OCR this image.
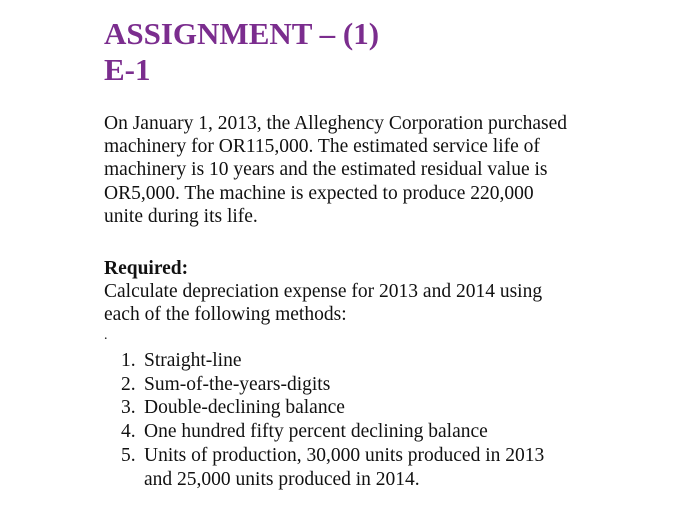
ASSIGNMENT – (1)
E-1
On January 1, 2013, the Alleghency Corporation purchased
machinery for OR115,000. The estimated service life of
machinery is 10 years and the estimated residual value is
OR5,000. The machine is expected to produce 220,000
unite during its life.
Required:
Calculate depreciation expense for 2013 and 2014 using
each of the following methods:
.
1. Straight-line
2. Sum-of-the-years-digits
3. Double-declining balance
4. One hundred fifty percent declining balance
5. Units of production, 30,000 units produced in 2013
and 25,000 units produced in 2014.
